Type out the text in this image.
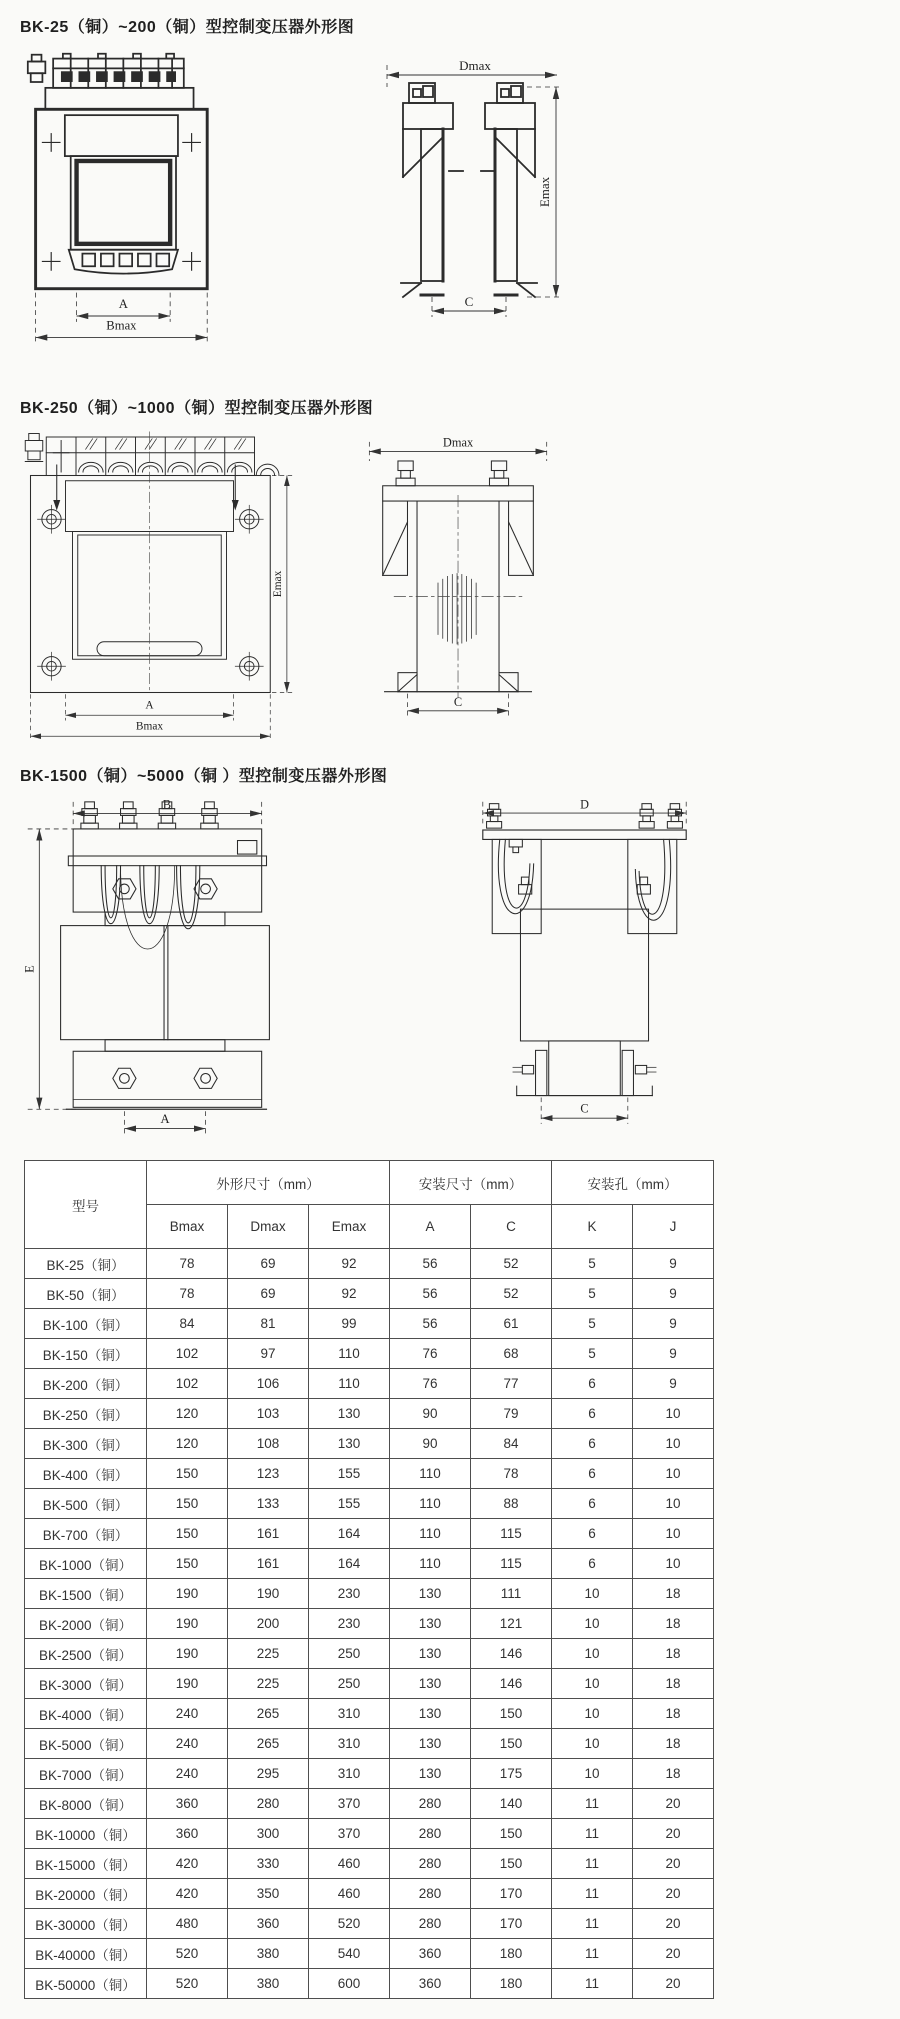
BK-25（铜）~200（铜）型控制变压器外形图
A
Bmax
Dmax
Emax
C
BK-250（铜）~1000（铜）型控制变压器外形图
Emax
A
Bmax
Dmax
C
BK-1500（铜）~5000（铜 ）型控制变压器外形图
B
E
A
D
C
型号	外形尺寸（mm）			安装尺寸（mm）		安装孔（mm）	
	Bmax	Dmax	Emax	A	C	K	J
BK-25（铜）	78	69	92	56	52	5	9
BK-50（铜）	78	69	92	56	52	5	9
BK-100（铜）	84	81	99	56	61	5	9
BK-150（铜）	102	97	110	76	68	5	9
BK-200（铜）	102	106	110	76	77	6	9
BK-250（铜）	120	103	130	90	79	6	10
BK-300（铜）	120	108	130	90	84	6	10
BK-400（铜）	150	123	155	110	78	6	10
BK-500（铜）	150	133	155	110	88	6	10
BK-700（铜）	150	161	164	110	115	6	10
BK-1000（铜）	150	161	164	110	115	6	10
BK-1500（铜）	190	190	230	130	111	10	18
BK-2000（铜）	190	200	230	130	121	10	18
BK-2500（铜）	190	225	250	130	146	10	18
BK-3000（铜）	190	225	250	130	146	10	18
BK-4000（铜）	240	265	310	130	150	10	18
BK-5000（铜）	240	265	310	130	150	10	18
BK-7000（铜）	240	295	310	130	175	10	18
BK-8000（铜）	360	280	370	280	140	11	20
BK-10000（铜）	360	300	370	280	150	11	20
BK-15000（铜）	420	330	460	280	150	11	20
BK-20000（铜）	420	350	460	280	170	11	20
BK-30000（铜）	480	360	520	280	170	11	20
BK-40000（铜）	520	380	540	360	180	11	20
BK-50000（铜）	520	380	600	360	180	11	20
